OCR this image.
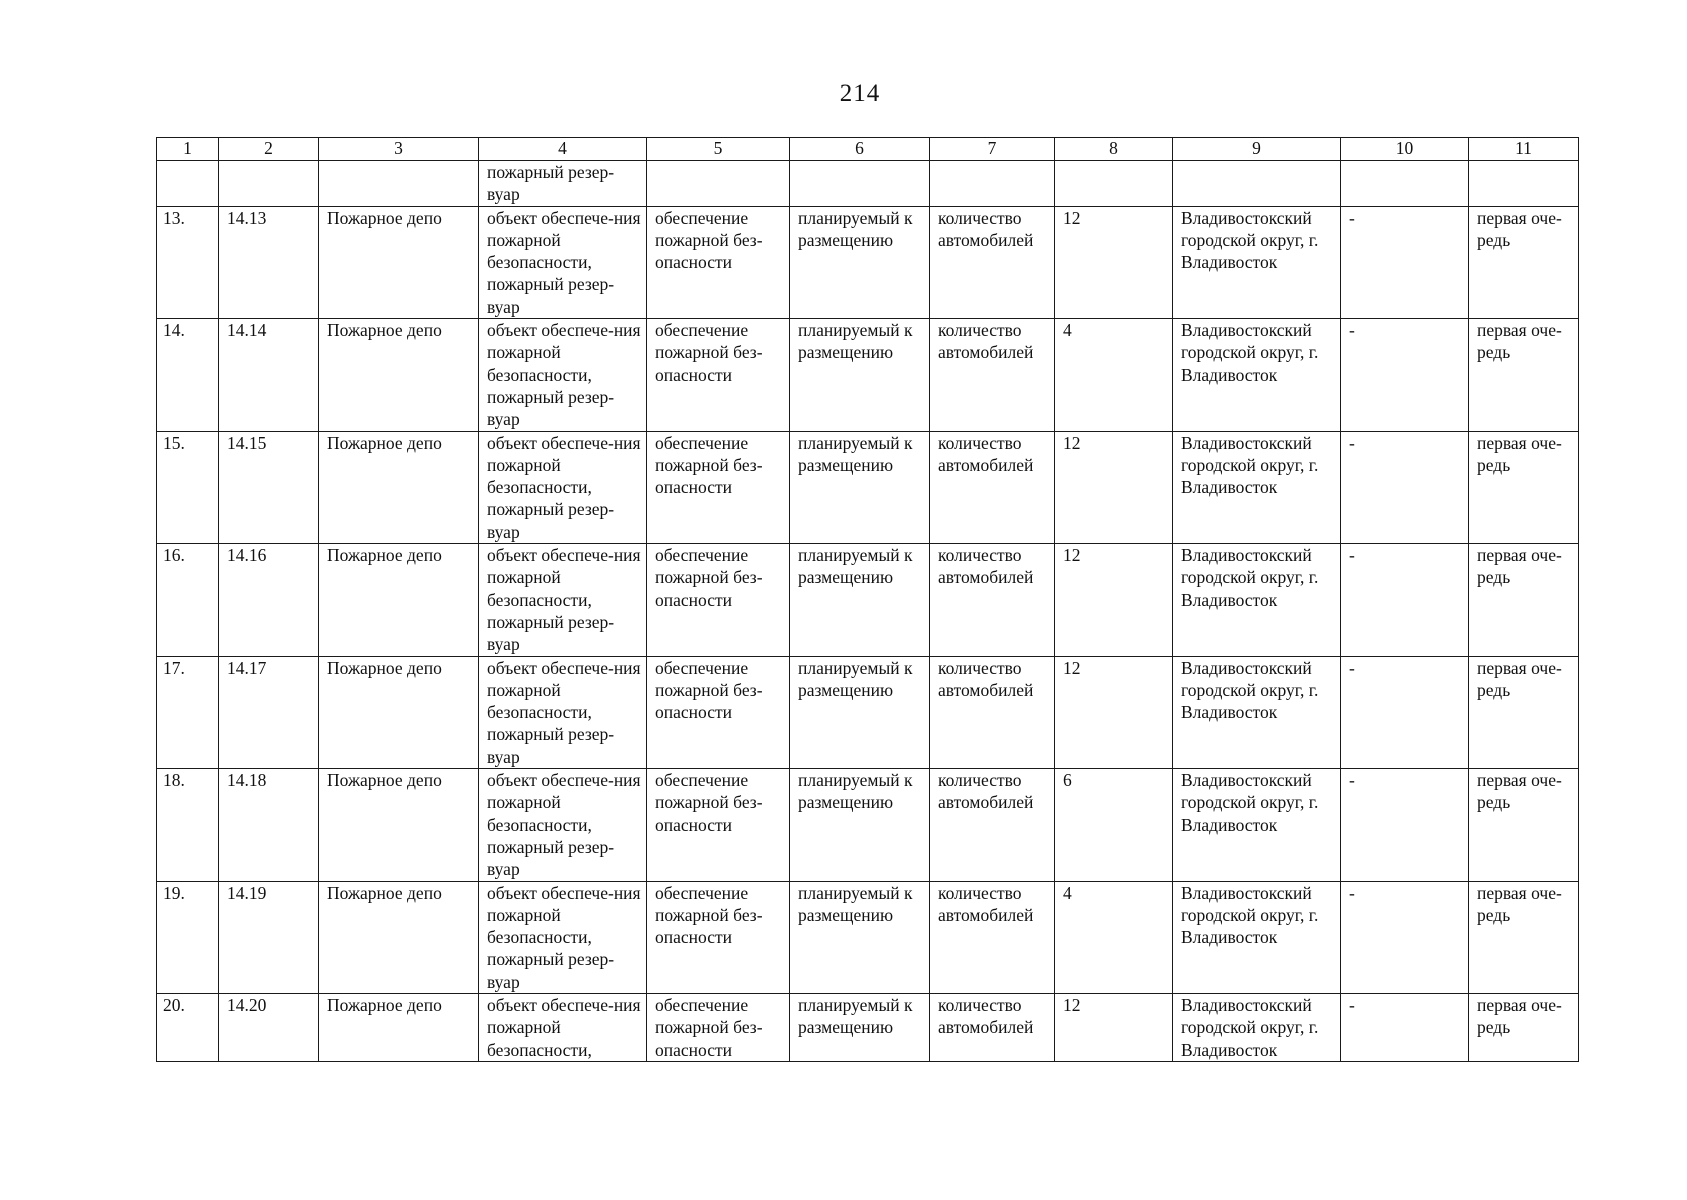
214
1	2	3	4	5	6	7	8	9	10	11
			пожарный резер-вуар							
13.	14.13	Пожарное депо	объект обеспече-ния пожарной безопасности, пожарный резер-вуар	обеспечение пожарной без-опасности	планируемый к размещению	количество автомобилей	12	Владивостокский городской округ, г. Владивосток	-	первая оче-редь
14.	14.14	Пожарное депо	объект обеспече-ния пожарной безопасности, пожарный резер-вуар	обеспечение пожарной без-опасности	планируемый к размещению	количество автомобилей	4	Владивостокский городской округ, г. Владивосток	-	первая оче-редь
15.	14.15	Пожарное депо	объект обеспече-ния пожарной безопасности, пожарный резер-вуар	обеспечение пожарной без-опасности	планируемый к размещению	количество автомобилей	12	Владивостокский городской округ, г. Владивосток	-	первая оче-редь
16.	14.16	Пожарное депо	объект обеспече-ния пожарной безопасности, пожарный резер-вуар	обеспечение пожарной без-опасности	планируемый к размещению	количество автомобилей	12	Владивостокский городской округ, г. Владивосток	-	первая оче-редь
17.	14.17	Пожарное депо	объект обеспече-ния пожарной безопасности, пожарный резер-вуар	обеспечение пожарной без-опасности	планируемый к размещению	количество автомобилей	12	Владивостокский городской округ, г. Владивосток	-	первая оче-редь
18.	14.18	Пожарное депо	объект обеспече-ния пожарной безопасности, пожарный резер-вуар	обеспечение пожарной без-опасности	планируемый к размещению	количество автомобилей	6	Владивостокский городской округ, г. Владивосток	-	первая оче-редь
19.	14.19	Пожарное депо	объект обеспече-ния пожарной безопасности, пожарный резер-вуар	обеспечение пожарной без-опасности	планируемый к размещению	количество автомобилей	4	Владивостокский городской округ, г. Владивосток	-	первая оче-редь
20.	14.20	Пожарное депо	объект обеспече-ния пожарной безопасности,	обеспечение пожарной без-опасности	планируемый к размещению	количество автомобилей	12	Владивостокский городской округ, г. Владивосток	-	первая оче-редь
